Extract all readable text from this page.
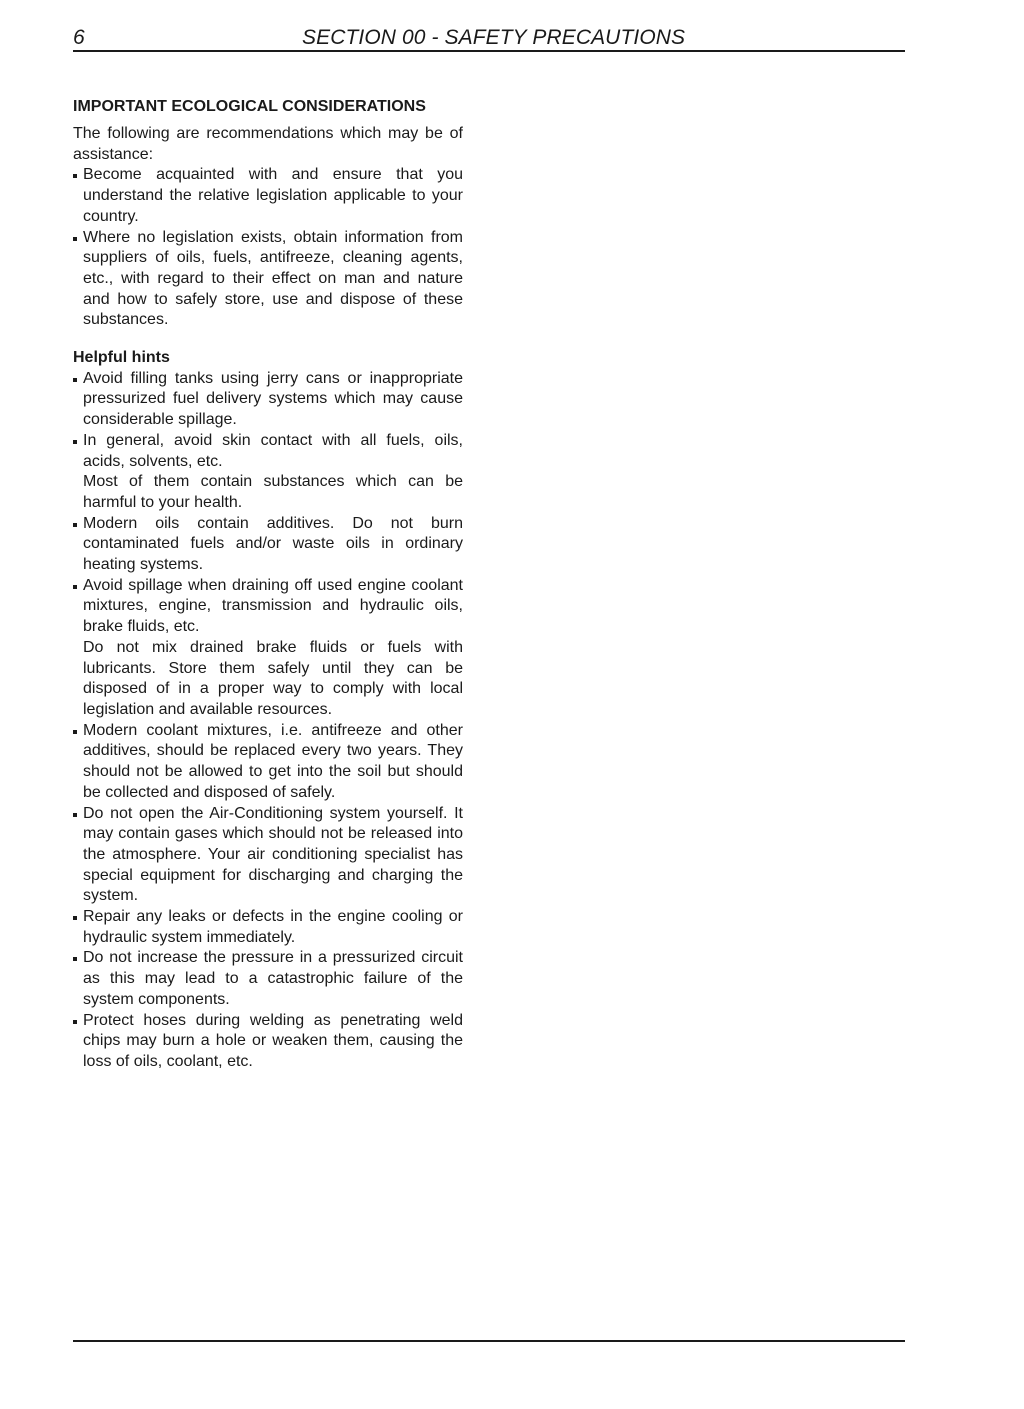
6	SECTION 00 - SAFETY PRECAUTIONS
IMPORTANT ECOLOGICAL CONSIDERATIONS

The following are recommendations which may be of assistance:

Become acquainted with and ensure that you understand the relative legislation applicable to your country.

Where no legislation exists, obtain information from suppliers of oils, fuels, antifreeze, cleaning agents, etc., with regard to their effect on man and nature and how to safely store, use and dispose of these substances.

Helpful hints

Avoid filling tanks using jerry cans or inappropriate pressurized fuel delivery systems which may cause considerable spillage.

In general, avoid skin contact with all fuels, oils, acids, solvents, etc.

Most of them contain substances which can be harmful to your health.

Modern oils contain additives. Do not burn contaminated fuels and/or waste oils in ordinary heating systems.

Avoid spillage when draining off used engine coolant mixtures, engine, transmission and hydraulic oils, brake fluids, etc.

Do not mix drained brake fluids or fuels with lubricants. Store them safely until they can be disposed of in a proper way to comply with local legislation and available resources.

Modern coolant mixtures, i.e. antifreeze and other additives, should be replaced every two years. They should not be allowed to get into the soil but should be collected and disposed of safely.

Do not open the Air-Conditioning system yourself. It may contain gases which should not be released into the atmosphere. Your air conditioning specialist has special equipment for discharging and charging the system.

Repair any leaks or defects in the engine cooling or hydraulic system immediately.

Do not increase the pressure in a pressurized circuit as this may lead to a catastrophic failure of the system components.

Protect hoses during welding as penetrating weld chips may burn a hole or weaken them, causing the loss of oils, coolant, etc.
